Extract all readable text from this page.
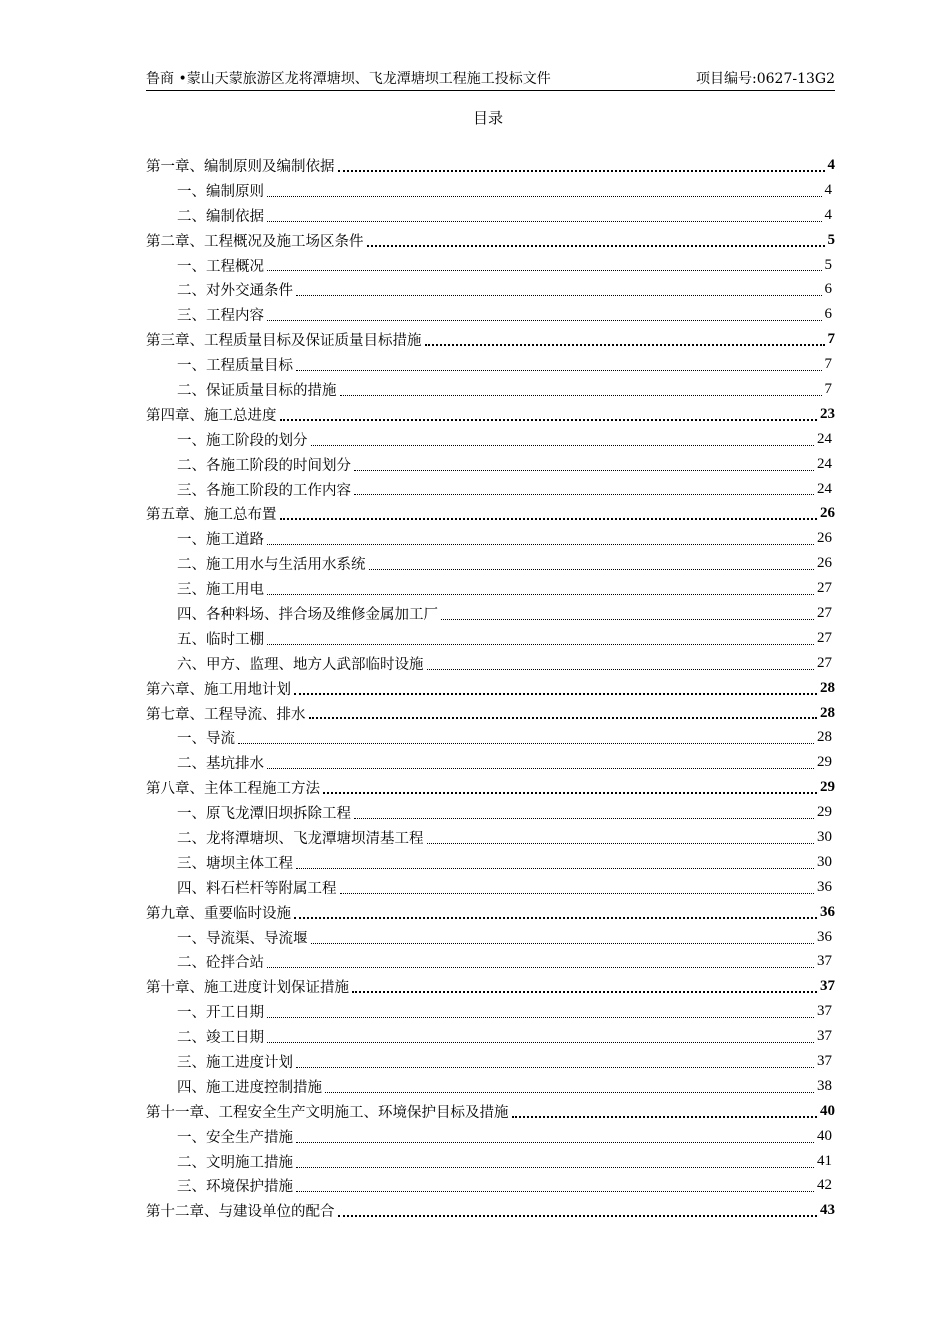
鲁商 •蒙山天蒙旅游区龙将潭塘坝、飞龙潭塘坝工程施工投标文件	项目编号:0627-13G2
目录
第一章、编制原则及编制依据	4
一、编制原则	4
二、编制依据	4
第二章、工程概况及施工场区条件	5
一、工程概况	5
二、对外交通条件	6
三、工程内容	6
第三章、工程质量目标及保证质量目标措施	7
一、工程质量目标	7
二、保证质量目标的措施	7
第四章、施工总进度	23
一、施工阶段的划分	24
二、各施工阶段的时间划分	24
三、各施工阶段的工作内容	24
第五章、施工总布置	26
一、施工道路	26
二、施工用水与生活用水系统	26
三、施工用电	27
四、各种料场、拌合场及维修金属加工厂	27
五、临时工棚	27
六、甲方、监理、地方人武部临时设施	27
第六章、施工用地计划	28
第七章、工程导流、排水	28
一、导流	28
二、基坑排水	29
第八章、主体工程施工方法	29
一、原飞龙潭旧坝拆除工程	29
二、龙将潭塘坝、飞龙潭塘坝清基工程	30
三、塘坝主体工程	30
四、料石栏杆等附属工程	36
第九章、重要临时设施	36
一、导流渠、导流堰	36
二、砼拌合站	37
第十章、施工进度计划保证措施	37
一、开工日期	37
二、竣工日期	37
三、施工进度计划	37
四、施工进度控制措施	38
第十一章、工程安全生产文明施工、环境保护目标及措施	40
一、安全生产措施	40
二、文明施工措施	41
三、环境保护措施	42
第十二章、与建设单位的配合	43
